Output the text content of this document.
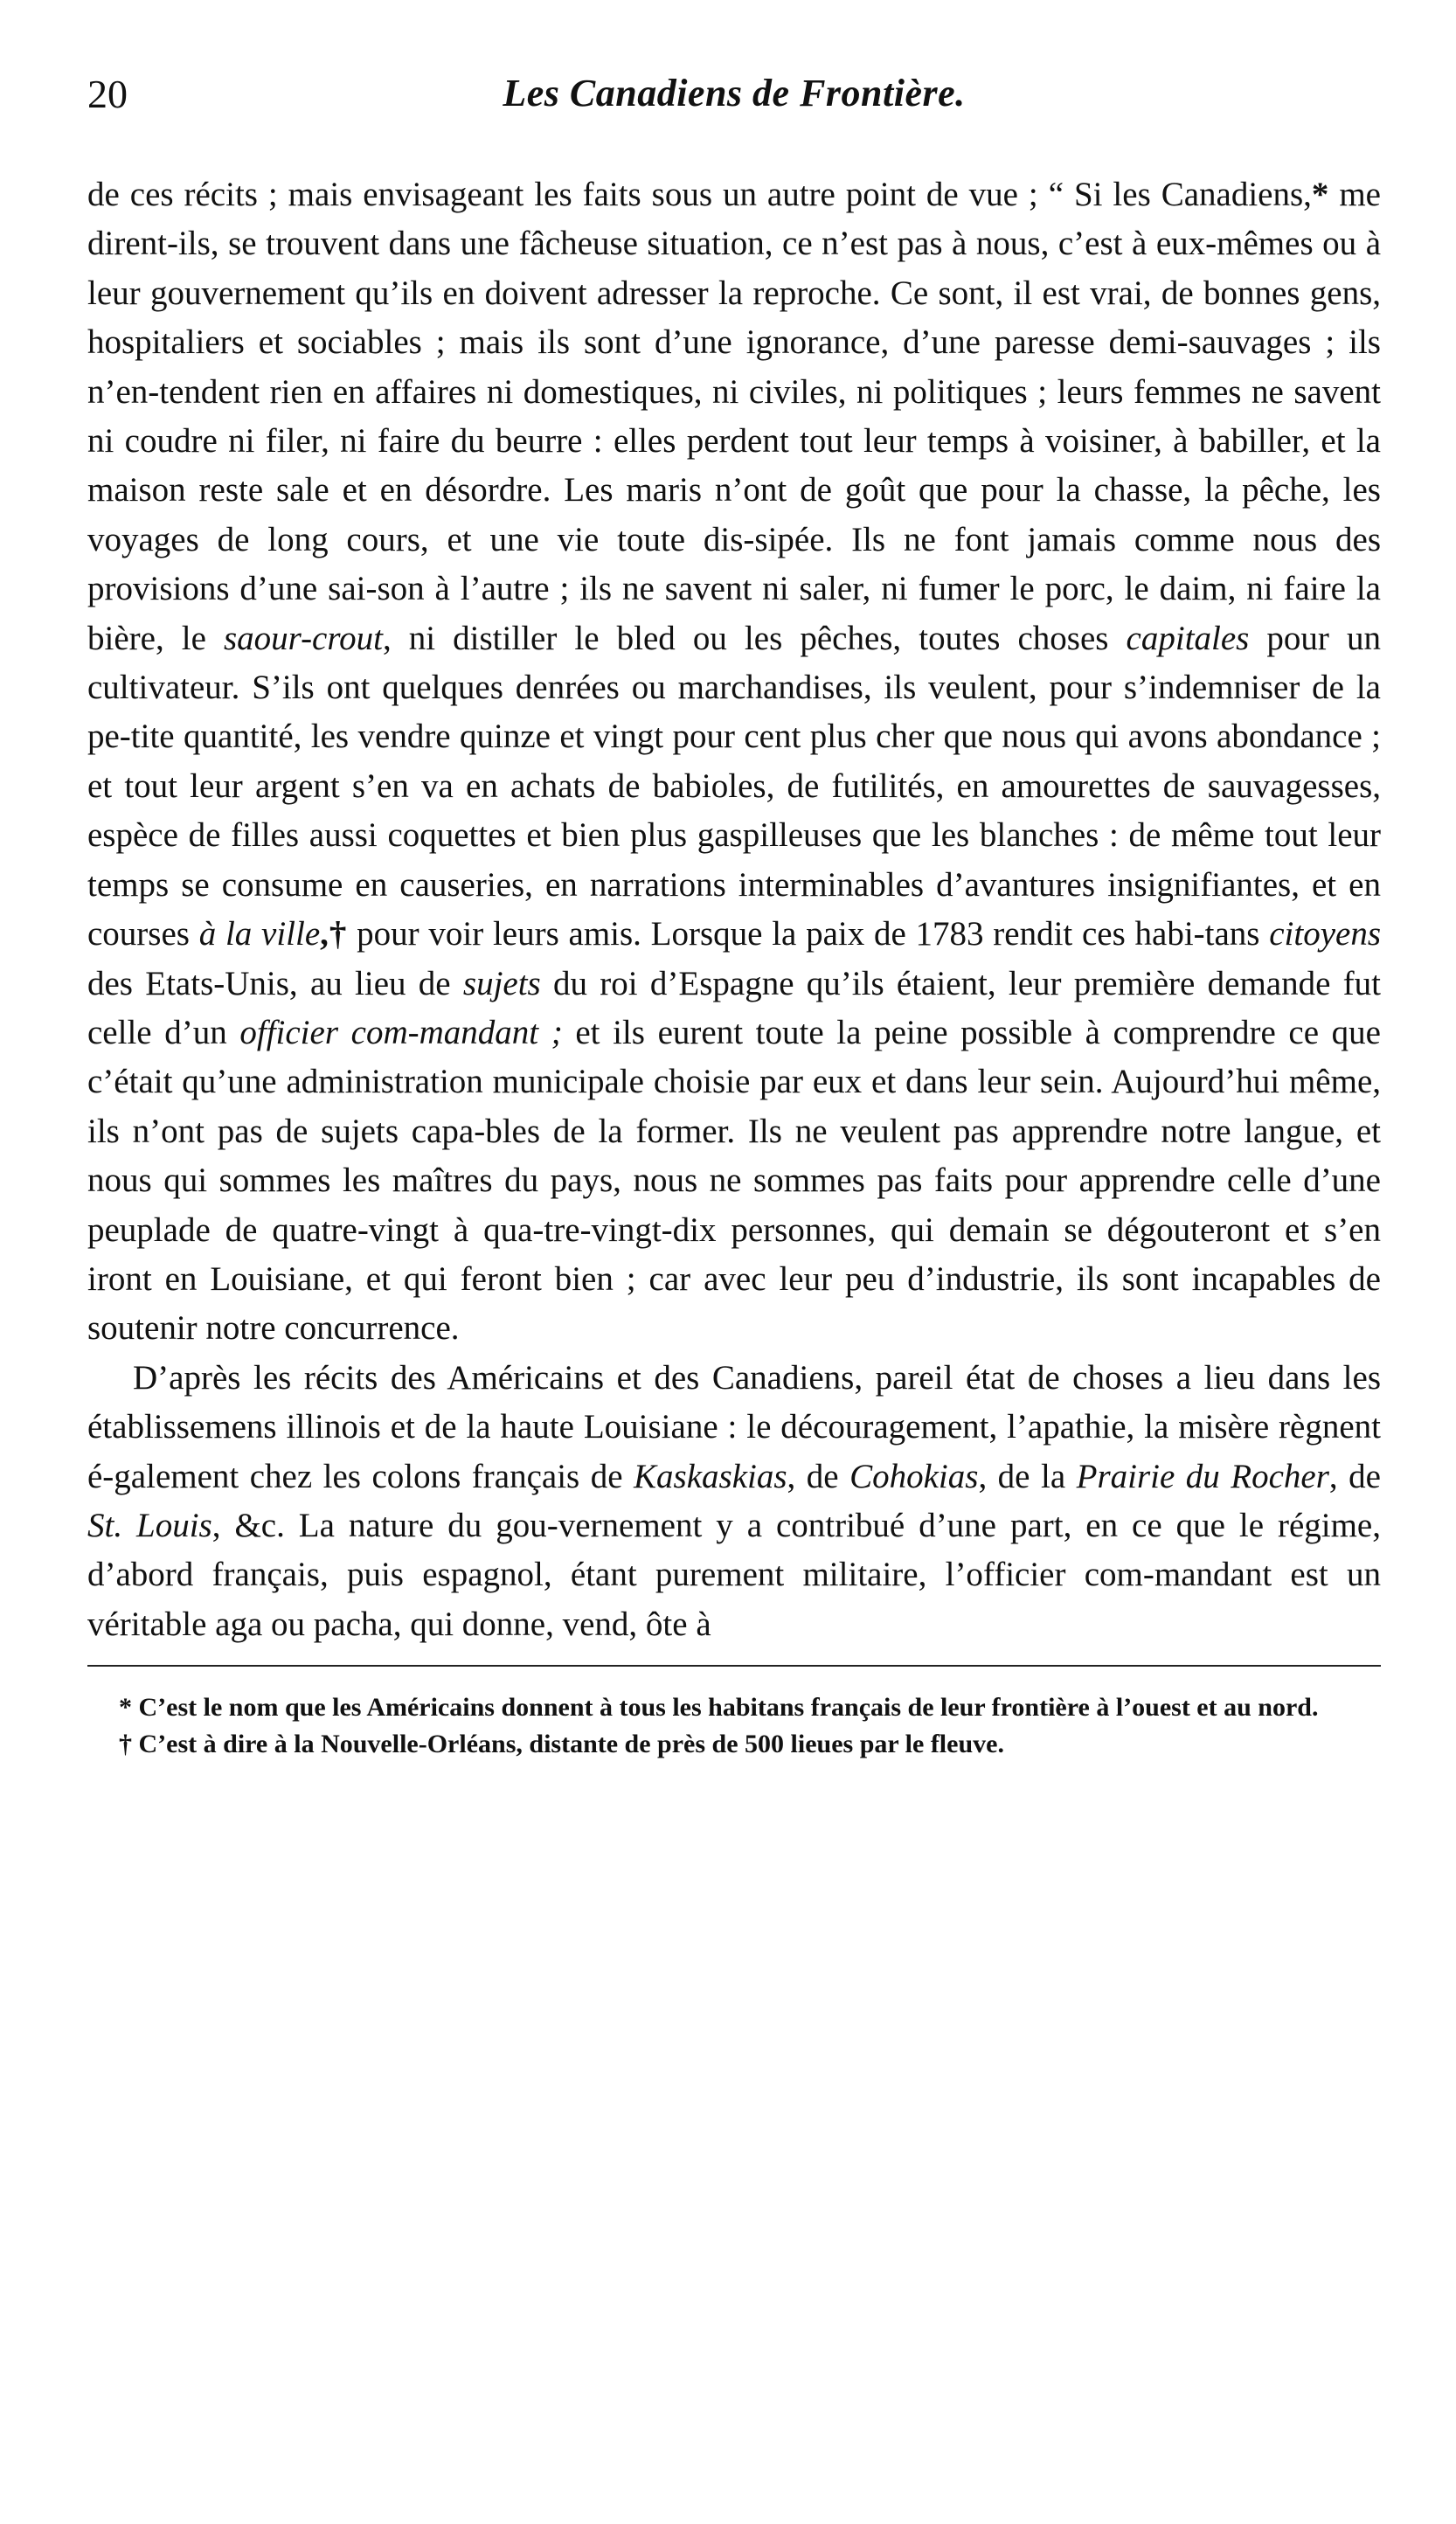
20	Les Canadiens de Frontière.

de ces récits ; mais envisageant les faits sous un autre point de vue ; “ Si les Canadiens,* me dirent-ils, se trouvent dans une fâcheuse situation, ce n’est pas à nous, c’est à eux-mêmes ou à leur gouvernement qu’ils en doivent adresser la reproche. Ce sont, il est vrai, de bonnes gens, hospitaliers et sociables ; mais ils sont d’une ignorance, d’une paresse demi-sauvages ; ils n’en-tendent rien en affaires ni domestiques, ni civiles, ni politiques ; leurs femmes ne savent ni coudre ni filer, ni faire du beurre : elles perdent tout leur temps à voisiner, à babiller, et la maison reste sale et en désordre. Les maris n’ont de goût que pour la chasse, la pêche, les voyages de long cours, et une vie toute dis-sipée. Ils ne font jamais comme nous des provisions d’une sai-son à l’autre ; ils ne savent ni saler, ni fumer le porc, le daim, ni faire la bière, le saour-crout, ni distiller le bled ou les pêches, toutes choses capitales pour un cultivateur. S’ils ont quelques denrées ou marchandises, ils veulent, pour s’indemniser de la pe-tite quantité, les vendre quinze et vingt pour cent plus cher que nous qui avons abondance ; et tout leur argent s’en va en achats de babioles, de futilités, en amourettes de sauvagesses, espèce de filles aussi coquettes et bien plus gaspilleuses que les blanches : de même tout leur temps se consume en causeries, en narrations interminables d’avantures insignifiantes, et en courses à la ville,† pour voir leurs amis. Lorsque la paix de 1783 rendit ces habi-tans citoyens des Etats-Unis, au lieu de sujets du roi d’Espagne qu’ils étaient, leur première demande fut celle d’un officier com-mandant ; et ils eurent toute la peine possible à comprendre ce que c’était qu’une administration municipale choisie par eux et dans leur sein. Aujourd’hui même, ils n’ont pas de sujets capa-bles de la former. Ils ne veulent pas apprendre notre langue, et nous qui sommes les maîtres du pays, nous ne sommes pas faits pour apprendre celle d’une peuplade de quatre-vingt à qua-tre-vingt-dix personnes, qui demain se dégouteront et s’en iront en Louisiane, et qui feront bien ; car avec leur peu d’industrie, ils sont incapables de soutenir notre concurrence.

D’après les récits des Américains et des Canadiens, pareil état de choses a lieu dans les établissemens illinois et de la haute Louisiane : le découragement, l’apathie, la misère règnent é-galement chez les colons français de Kaskaskias, de Cohokias, de la Prairie du Rocher, de St. Louis, &c. La nature du gou-vernement y a contribué d’une part, en ce que le régime, d’abord français, puis espagnol, étant purement militaire, l’officier com-mandant est un véritable aga ou pacha, qui donne, vend, ôte à

* C’est le nom que les Américains donnent à tous les habitans français de leur frontière à l’ouest et au nord.

† C’est à dire à la Nouvelle-Orléans, distante de près de 500 lieues par le fleuve.
